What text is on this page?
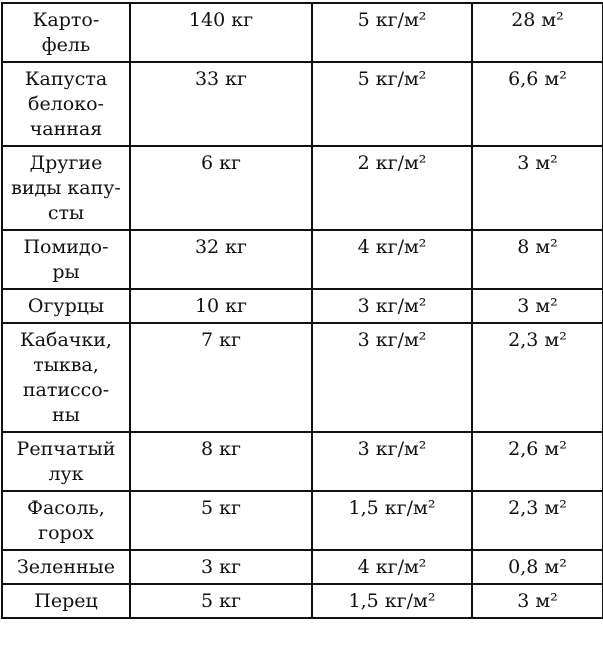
Карто-
фель	140 кг	5 кг/м²	28 м²
Капуста
белоко-
чанная	33 кг	5 кг/м²	6,6 м²
Другие
виды капу-
сты	6 кг	2 кг/м²	3 м²
Помидо-
ры	32 кг	4 кг/м²	8 м²
Огурцы	10 кг	3 кг/м²	3 м²
Кабачки,
тыква,
патиссо-
ны	7 кг	3 кг/м²	2,3 м²
Репчатый
лук	8 кг	3 кг/м²	2,6 м²
Фасоль,
горох	5 кг	1,5 кг/м²	2,3 м²
Зеленные	3 кг	4 кг/м²	0,8 м²
Перец	5 кг	1,5 кг/м²	3 м²
